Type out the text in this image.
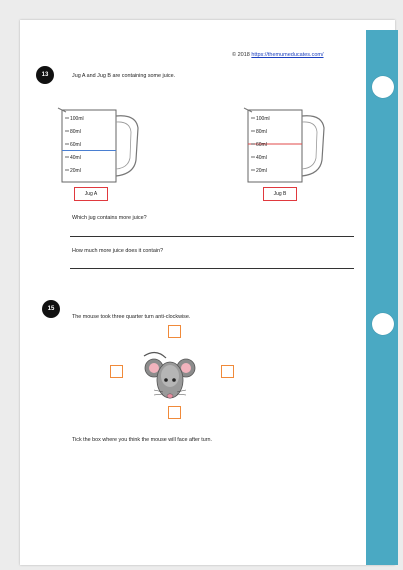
© 2018 https://themumeducates.com/
13	Jug A and Jug B are containing some juice.
100ml
80ml
60ml
40ml
20ml
Jug A
100ml
80ml
60ml
40ml
20ml
Jug B
Which jug contains more juice?
How much more juice does it contain?
15
The mouse took three quarter turn anti-clockwise.
Tick the box where you think the mouse will face after turn.
